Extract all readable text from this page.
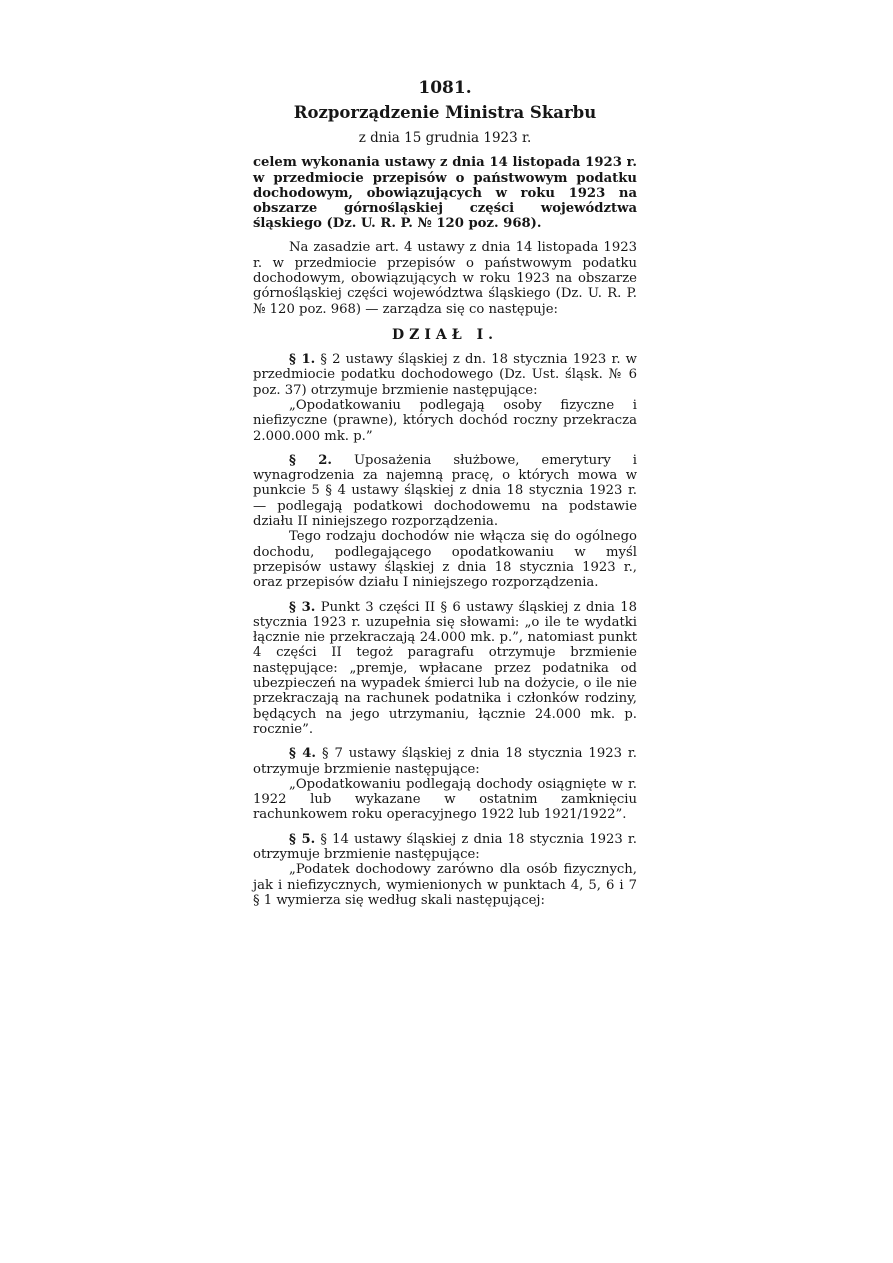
1081.
Rozporządzenie Ministra Skarbu
z dnia 15 grudnia 1923 r.

celem wykonania ustawy z dnia 14 listopada 1923 r. w przedmiocie przepisów o państwowym podatku dochodowym, obowiązujących w roku 1923 na obszarze górnośląskiej części województwa śląskiego (Dz. U. R. P. № 120 poz. 968).

Na zasadzie art. 4 ustawy z dnia 14 listopada 1923 r. w przedmiocie przepisów o państwowym podatku dochodowym, obowiązujących w roku 1923 na obszarze górnośląskiej części województwa śląskiego (Dz. U. R. P. № 120 poz. 968) — zarządza się co następuje:

DZIAŁ I.

§ 1. § 2 ustawy śląskiej z dn. 18 stycznia 1923 r. w przedmiocie podatku dochodowego (Dz. Ust. śląsk. № 6 poz. 37) otrzymuje brzmienie następujące:

„Opodatkowaniu podlegają osoby fizyczne i niefizyczne (prawne), których dochód roczny przekracza 2.000.000 mk. p.”

§ 2. Uposażenia służbowe, emerytury i wynagrodzenia za najemną pracę, o których mowa w punkcie 5 § 4 ustawy śląskiej z dnia 18 stycznia 1923 r. — podlegają podatkowi dochodowemu na podstawie działu II niniejszego rozporządzenia.

Tego rodzaju dochodów nie włącza się do ogólnego dochodu, podlegającego opodatkowaniu w myśl przepisów ustawy śląskiej z dnia 18 stycznia 1923 r., oraz przepisów działu I niniejszego rozporządzenia.

§ 3. Punkt 3 części II § 6 ustawy śląskiej z dnia 18 stycznia 1923 r. uzupełnia się słowami: „o ile te wydatki łącznie nie przekraczają 24.000 mk. p.”, natomiast punkt 4 części II tegoż paragrafu otrzymuje brzmienie następujące: „premje, wpłacane przez podatnika od ubezpieczeń na wypadek śmierci lub na dożycie, o ile nie przekraczają na rachunek podatnika i członków rodziny, będących na jego utrzymaniu, łącznie 24.000 mk. p. rocznie”.

§ 4. § 7 ustawy śląskiej z dnia 18 stycznia 1923 r. otrzymuje brzmienie następujące:

„Opodatkowaniu podlegają dochody osiągnięte w r. 1922 lub wykazane w ostatnim zamknięciu rachunkowem roku operacyjnego 1922 lub 1921/1922”.

§ 5. § 14 ustawy śląskiej z dnia 18 stycznia 1923 r. otrzymuje brzmienie następujące:

„Podatek dochodowy zarówno dla osób fizycznych, jak i niefizycznych, wymienionych w punktach 4, 5, 6 i 7 § 1 wymierza się według skali następującej:
